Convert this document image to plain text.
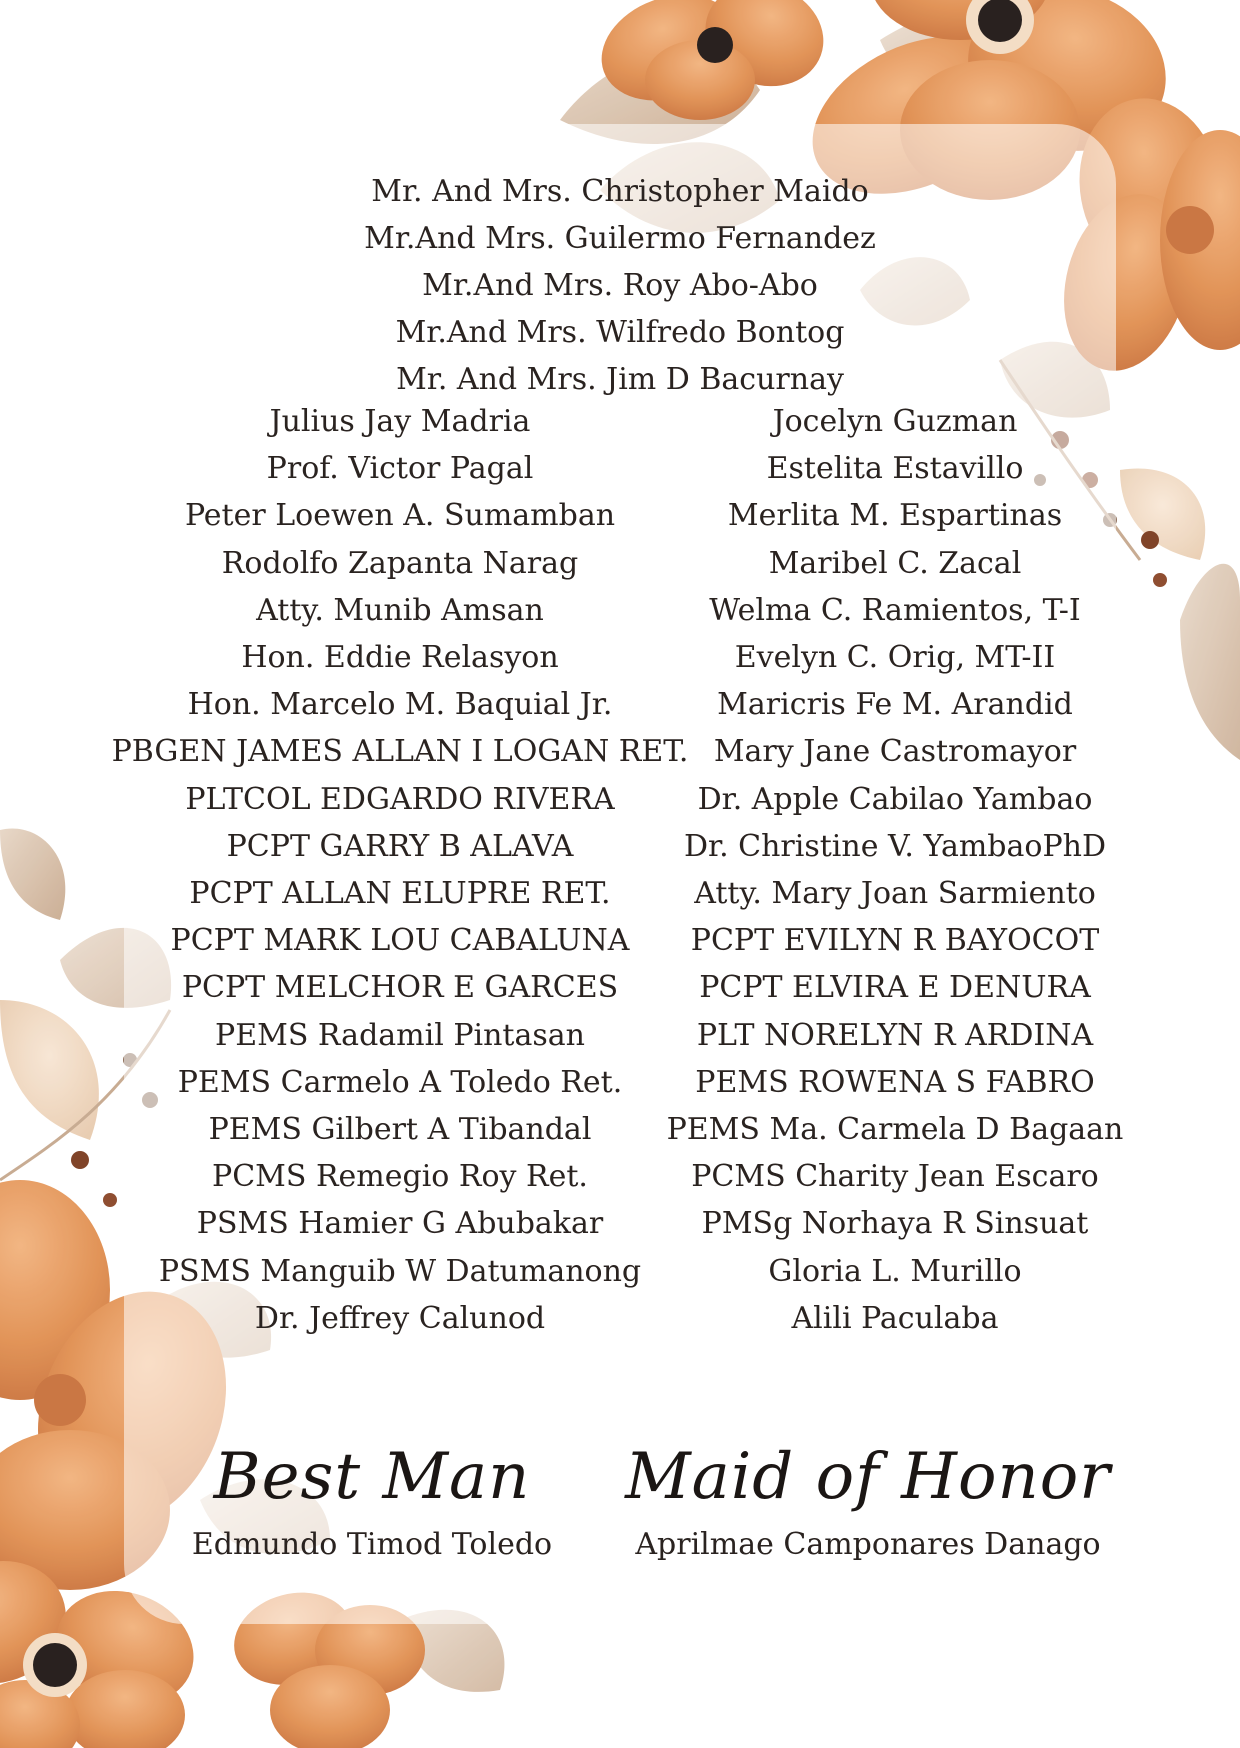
Mr. And Mrs. Christopher Maido
Mr.And Mrs. Guilermo Fernandez
Mr.And Mrs. Roy Abo-Abo
Mr.And Mrs. Wilfredo Bontog
Mr. And Mrs. Jim D Bacurnay
Julius Jay Madria
Prof. Victor Pagal
Peter Loewen A. Sumamban
Rodolfo Zapanta Narag
Atty. Munib Amsan
Hon. Eddie Relasyon
Hon. Marcelo M. Baquial Jr.
PBGEN JAMES ALLAN I LOGAN RET.
PLTCOL EDGARDO RIVERA
PCPT GARRY B ALAVA
PCPT ALLAN ELUPRE RET.
PCPT MARK LOU CABALUNA
PCPT MELCHOR E GARCES
PEMS Radamil Pintasan
PEMS Carmelo A Toledo Ret.
PEMS Gilbert A Tibandal
PCMS Remegio Roy Ret.
PSMS Hamier G Abubakar
PSMS Manguib W Datumanong
Dr. Jeffrey Calunod
Jocelyn Guzman
Estelita Estavillo
Merlita M. Espartinas
Maribel C. Zacal
Welma C. Ramientos, T-I
Evelyn C. Orig, MT-II
Maricris Fe M. Arandid
Mary Jane Castromayor
Dr. Apple Cabilao Yambao
Dr. Christine V. YambaoPhD
Atty. Mary Joan Sarmiento
PCPT EVILYN R BAYOCOT
PCPT ELVIRA E DENURA
PLT NORELYN R ARDINA
PEMS ROWENA S FABRO
PEMS Ma. Carmela D Bagaan
PCMS Charity Jean Escaro
PMSg Norhaya R Sinsuat
Gloria L. Murillo
Alili Paculaba
Best Man
Edmundo Timod Toledo
Maid of Honor
Aprilmae Camponares Danago
